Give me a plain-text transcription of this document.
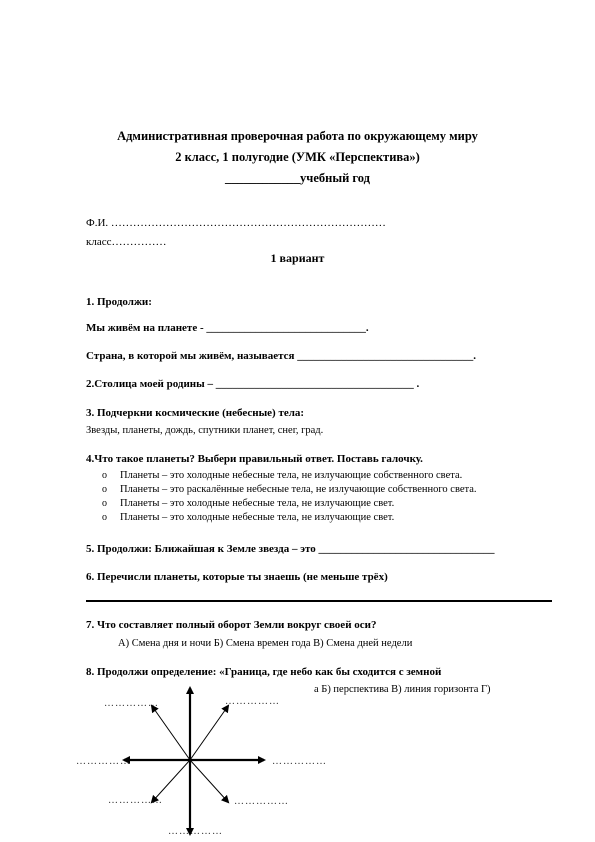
Административная проверочная работа по окружающему миру
2 класс, 1 полугодие (УМК «Перспектива»)
____________учебный год
Ф.И. …………………………………………………………………
класс……………
1 вариант
1. Продолжи:
Мы живём на планете - _____________________________.
Страна, в которой мы живём, называется ________________________________.
2.Столица моей родины – ____________________________________ .
3. Подчеркни космические (небесные) тела:
Звезды, планеты, дождь, спутники планет, снег, град.
4.Что такое планеты? Выбери правильный ответ. Поставь галочку.
o Планеты – это холодные небесные тела, не излучающие собственного света.
o Планеты – это раскалённые небесные тела, не излучающие собственного света.
o Планеты – это холодные небесные тела, не излучающие свет.
o Планеты – это холодные небесные тела, не излучающие свет.
5. Продолжи: Ближайшая к Земле звезда – это ________________________________
6. Перечисли планеты, которые ты знаешь (не меньше трёх)
7. Что составляет полный оборот Земли вокруг своей оси?
А) Смена дня и ночи Б) Смена времен года В) Смена дней недели
8. Продолжи определение: «Граница, где небо как бы сходится с земной
а Б) перспектива В) линия горизонта Г)
……………	……………
……………	……………
……………	……………
……………
